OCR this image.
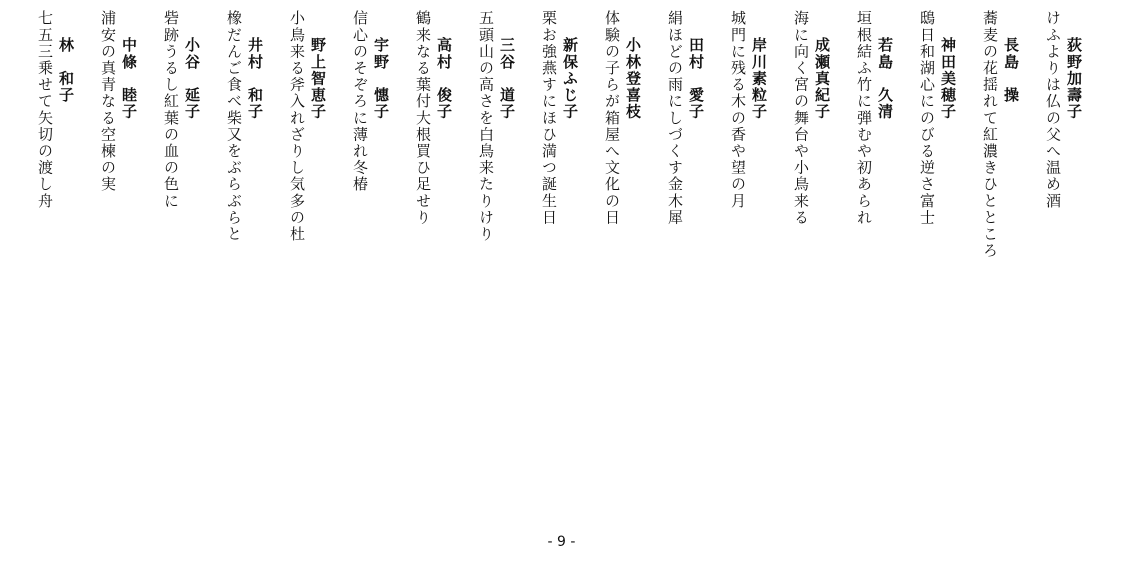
荻野加壽子
けふよりは仏の父へ温め酒
長島　操
蕎麦の花揺れて紅濃きひとところ
神田美穂子
鴟日和湖心にのびる逆さ富士
若島　久清
垣根結ふ竹に弾むや初あられ
成瀬真紀子
海に向く宮の舞台や小鳥来る
岸川素粒子
城門に残る木の香や望の月
田村　愛子
絹ほどの雨にしづくす金木犀
小林登喜枝
体験の子らが箱屋へ文化の日
新保ふじ子
栗お強燕すにほひ満つ誕生日
三谷　道子
五頭山の高さを白鳥来たりけり
高村　俊子
鶴来なる葉付大根買ひ足せり
宇野　憓子
信心のそぞろに薄れ冬椿
野上智恵子
小鳥来る斧入れざりし気多の杜
井村　和子
橡だんご食べ柴又をぶらぶらと
小谷　延子
砦跡うるし紅葉の血の色に
中條　睦子
浦安の真青なる空楝の実
林　和子
七五三乗せて矢切の渡し舟
- 9 -
